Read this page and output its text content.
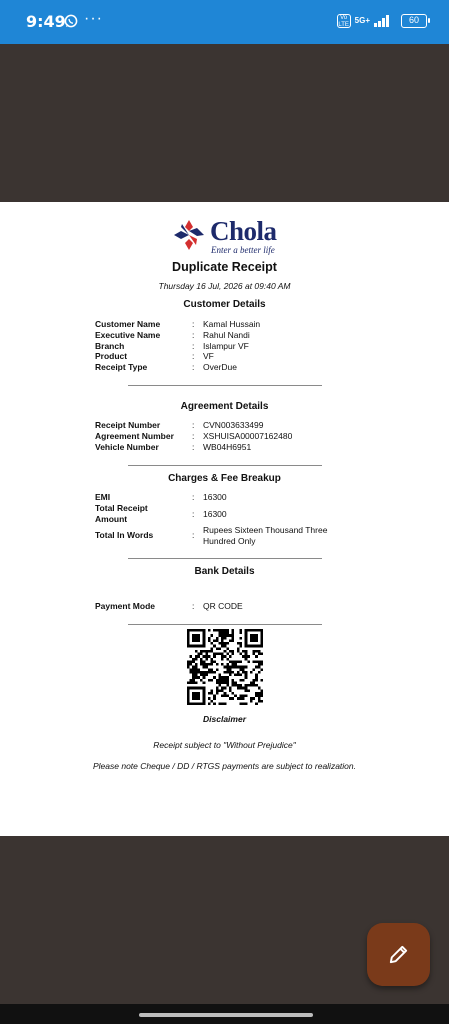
9:49 ···	Vo LTE 5G+	60
Chola
Enter a better life
Duplicate Receipt
Thursday 16 Jul, 2026 at 09:40 AM
Customer Details
Customer Name	: Kamal Hussain
Executive Name	: Rahul Nandi
Branch	: Islampur VF
Product	: VF
Receipt Type	: OverDue
Agreement Details
Receipt Number	: CVN003633499
Agreement Number	: XSHUISA00007162480
Vehicle Number	: WB04H6951
Charges & Fee Breakup
EMI	: 16300
Total Receipt Amount	: 16300
Total In Words	: Rupees Sixteen Thousand Three Hundred Only
Bank Details
Payment Mode	: QR CODE
Disclaimer
Receipt subject to "Without Prejudice"
Please note Cheque / DD / RTGS payments are subject to realization.
